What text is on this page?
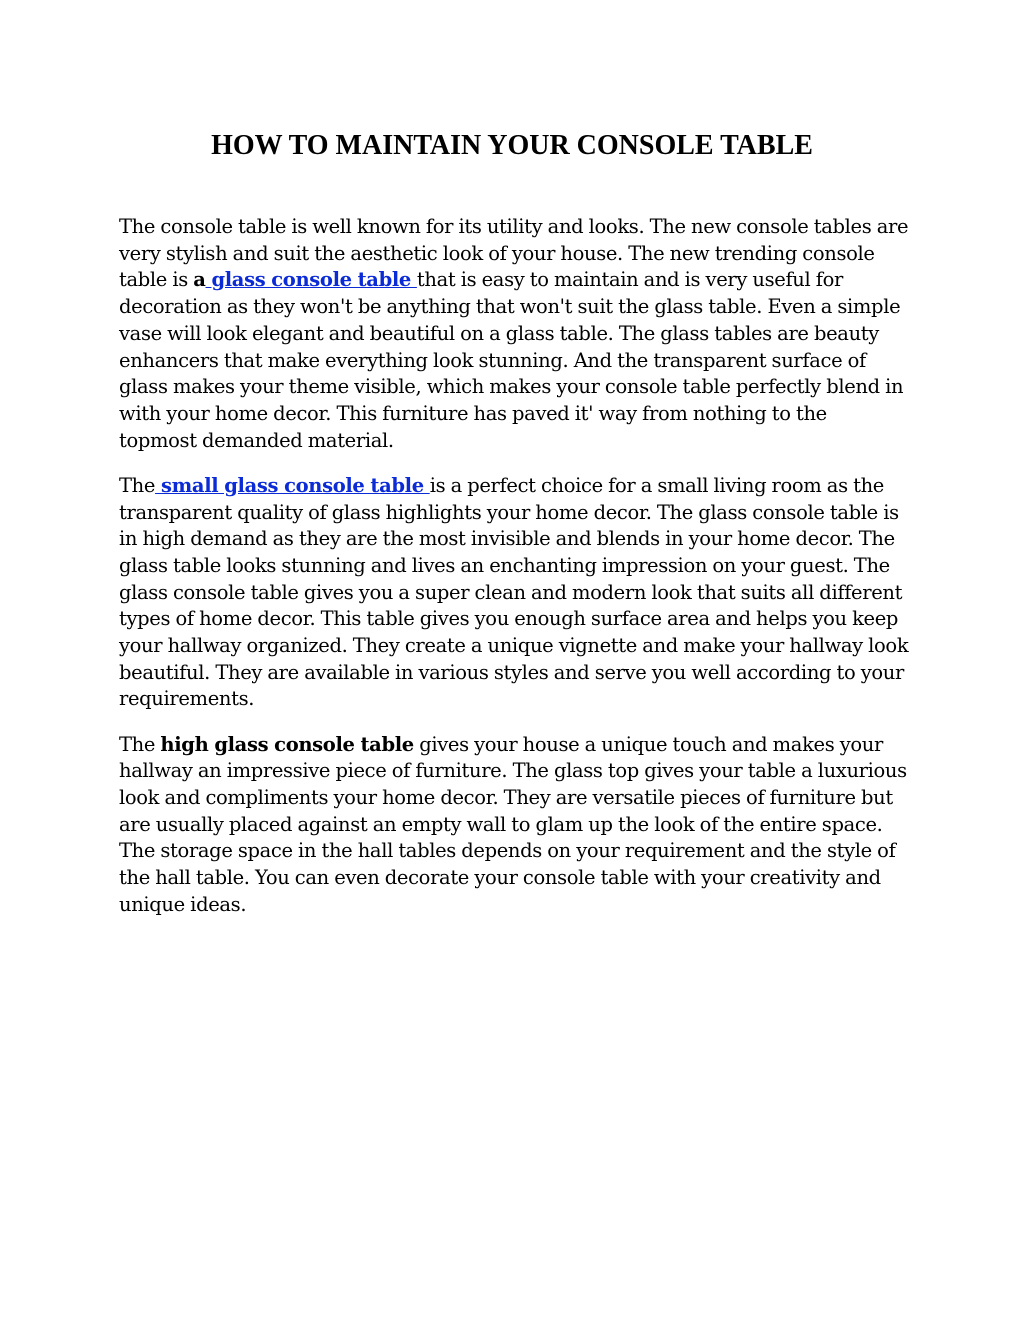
HOW TO MAINTAIN YOUR CONSOLE TABLE

The console table is well known for its utility and looks. The new console tables are very stylish and suit the aesthetic look of your house. The new trending console table is a glass console table that is easy to maintain and is very useful for decoration as they won't be anything that won't suit the glass table. Even a simple vase will look elegant and beautiful on a glass table. The glass tables are beauty enhancers that make everything look stunning. And the transparent surface of glass makes your theme visible, which makes your console table perfectly blend in with your home decor. This furniture has paved it' way from nothing to the topmost demanded material.

The small glass console table is a perfect choice for a small living room as the transparent quality of glass highlights your home decor. The glass console table is in high demand as they are the most invisible and blends in your home decor. The glass table looks stunning and lives an enchanting impression on your guest. The glass console table gives you a super clean and modern look that suits all different types of home decor. This table gives you enough surface area and helps you keep your hallway organized. They create a unique vignette and make your hallway look beautiful. They are available in various styles and serve you well according to your requirements.

The high glass console table gives your house a unique touch and makes your hallway an impressive piece of furniture. The glass top gives your table a luxurious look and compliments your home decor. They are versatile pieces of furniture but are usually placed against an empty wall to glam up the look of the entire space. The storage space in the hall tables depends on your requirement and the style of the hall table. You can even decorate your console table with your creativity and unique ideas.
